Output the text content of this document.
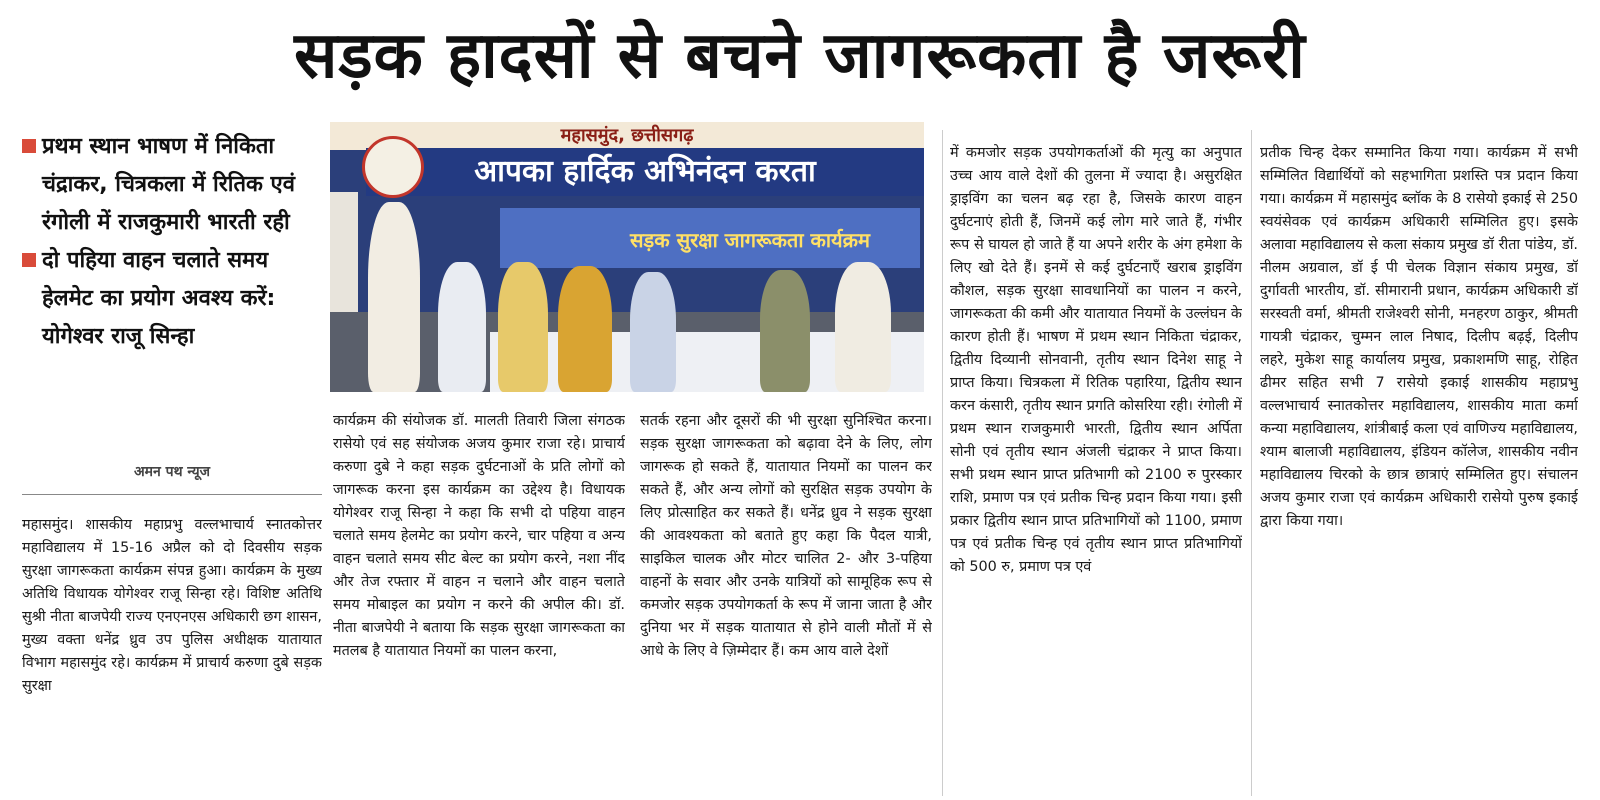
सड़क हादसों से बचने जागरूकता है जरूरी

प्रथम स्थान भाषण में निकिता चंद्राकर, चित्रकला में रितिक एवं रंगोली में राजकुमारी भारती रही

दो पहिया वाहन चलाते समय हेलमेट का प्रयोग अवश्य करें: योगेश्वर राजू सिन्हा

अमन पथ न्यूज
महासमुंद, छत्तीसगढ़
आपका हार्दिक अभिनंदन करता
सड़क सुरक्षा जागरूकता कार्यक्रम

महासमुंद। शासकीय महाप्रभु वल्लभाचार्य स्नातकोत्तर महाविद्यालय में 15-16 अप्रैल को दो दिवसीय सड़क सुरक्षा जागरूकता कार्यक्रम संपन्न हुआ। कार्यक्रम के मुख्य अतिथि विधायक योगेश्वर राजू सिन्हा रहे। विशिष्ट अतिथि सुश्री नीता बाजपेयी राज्य एनएनएस अधिकारी छग शासन, मुख्य वक्ता धनेंद्र ध्रुव उप पुलिस अधीक्षक यातायात विभाग महासमुंद रहे। कार्यक्रम में प्राचार्य करुणा दुबे सड़क सुरक्षा

कार्यक्रम की संयोजक डॉ. मालती तिवारी जिला संगठक रासेयो एवं सह संयोजक अजय कुमार राजा रहे। प्राचार्य करुणा दुबे ने कहा सड़क दुर्घटनाओं के प्रति लोगों को जागरूक करना इस कार्यक्रम का उद्देश्य है। विधायक योगेश्वर राजू सिन्हा ने कहा कि सभी दो पहिया वाहन चलाते समय हेलमेट का प्रयोग करने, चार पहिया व अन्य वाहन चलाते समय सीट बेल्ट का प्रयोग करने, नशा नींद और तेज रफ्तार में वाहन न चलाने और वाहन चलाते समय मोबाइल का प्रयोग न करने की अपील की। डॉ. नीता बाजपेयी ने बताया कि सड़क सुरक्षा जागरूकता का मतलब है यातायात नियमों का पालन करना,

सतर्क रहना और दूसरों की भी सुरक्षा सुनिश्चित करना। सड़क सुरक्षा जागरूकता को बढ़ावा देने के लिए, लोग जागरूक हो सकते हैं, यातायात नियमों का पालन कर सकते हैं, और अन्य लोगों को सुरक्षित सड़क उपयोग के लिए प्रोत्साहित कर सकते हैं। धनेंद्र ध्रुव ने सड़क सुरक्षा की आवश्यकता को बताते हुए कहा कि पैदल यात्री, साइकिल चालक और मोटर चालित 2- और 3-पहिया वाहनों के सवार और उनके यात्रियों को सामूहिक रूप से कमजोर सड़क उपयोगकर्ता के रूप में जाना जाता है और दुनिया भर में सड़क यातायात से होने वाली मौतों में से आधे के लिए वे ज़िम्मेदार हैं। कम आय वाले देशों

में कमजोर सड़क उपयोगकर्ताओं की मृत्यु का अनुपात उच्च आय वाले देशों की तुलना में ज्यादा है। असुरक्षित ड्राइविंग का चलन बढ़ रहा है, जिसके कारण वाहन दुर्घटनाएं होती हैं, जिनमें कई लोग मारे जाते हैं, गंभीर रूप से घायल हो जाते हैं या अपने शरीर के अंग हमेशा के लिए खो देते हैं। इनमें से कई दुर्घटनाएँ खराब ड्राइविंग कौशल, सड़क सुरक्षा सावधानियों का पालन न करने, जागरूकता की कमी और यातायात नियमों के उल्लंघन के कारण होती हैं। भाषण में प्रथम स्थान निकिता चंद्राकर, द्वितीय दिव्यानी सोनवानी, तृतीय स्थान दिनेश साहू ने प्राप्त किया। चित्रकला में रितिक पहारिया, द्वितीय स्थान करन कंसारी, तृतीय स्थान प्रगति कोसरिया रही। रंगोली में प्रथम स्थान राजकुमारी भारती, द्वितीय स्थान अर्पिता सोनी एवं तृतीय स्थान अंजली चंद्राकर ने प्राप्त किया। सभी प्रथम स्थान प्राप्त प्रतिभागी को 2100 रु पुरस्कार राशि, प्रमाण पत्र एवं प्रतीक चिन्ह प्रदान किया गया। इसी प्रकार द्वितीय स्थान प्राप्त प्रतिभागियों को 1100, प्रमाण पत्र एवं प्रतीक चिन्ह एवं तृतीय स्थान प्राप्त प्रतिभागियों को 500 रु, प्रमाण पत्र एवं

प्रतीक चिन्ह देकर सम्मानित किया गया। कार्यक्रम में सभी सम्मिलित विद्यार्थियों को सहभागिता प्रशस्ति पत्र प्रदान किया गया। कार्यक्रम में महासमुंद ब्लॉक के 8 रासेयो इकाई से 250 स्वयंसेवक एवं कार्यक्रम अधिकारी सम्मिलित हुए। इसके अलावा महाविद्यालय से कला संकाय प्रमुख डॉ रीता पांडेय, डॉ. नीलम अग्रवाल, डॉ ई पी चेलक विज्ञान संकाय प्रमुख, डॉ दुर्गावती भारतीय, डॉ. सीमारानी प्रधान, कार्यक्रम अधिकारी डॉ सरस्वती वर्मा, श्रीमती राजेश्वरी सोनी, मनहरण ठाकुर, श्रीमती गायत्री चंद्राकर, चुम्मन लाल निषाद, दिलीप बढ़ई, दिलीप लहरे, मुकेश साहू कार्यालय प्रमुख, प्रकाशमणि साहू, रोहित ढीमर सहित सभी 7 रासेयो इकाई शासकीय महाप्रभु वल्लभाचार्य स्नातकोत्तर महाविद्यालय, शासकीय माता कर्मा कन्या महाविद्यालय, शांत्रीबाई कला एवं वाणिज्य महाविद्यालय, श्याम बालाजी महाविद्यालय, इंडियन कॉलेज, शासकीय नवीन महाविद्यालय चिरको के छात्र छात्राएं सम्मिलित हुए। संचालन अजय कुमार राजा एवं कार्यक्रम अधिकारी रासेयो पुरुष इकाई द्वारा किया गया।
